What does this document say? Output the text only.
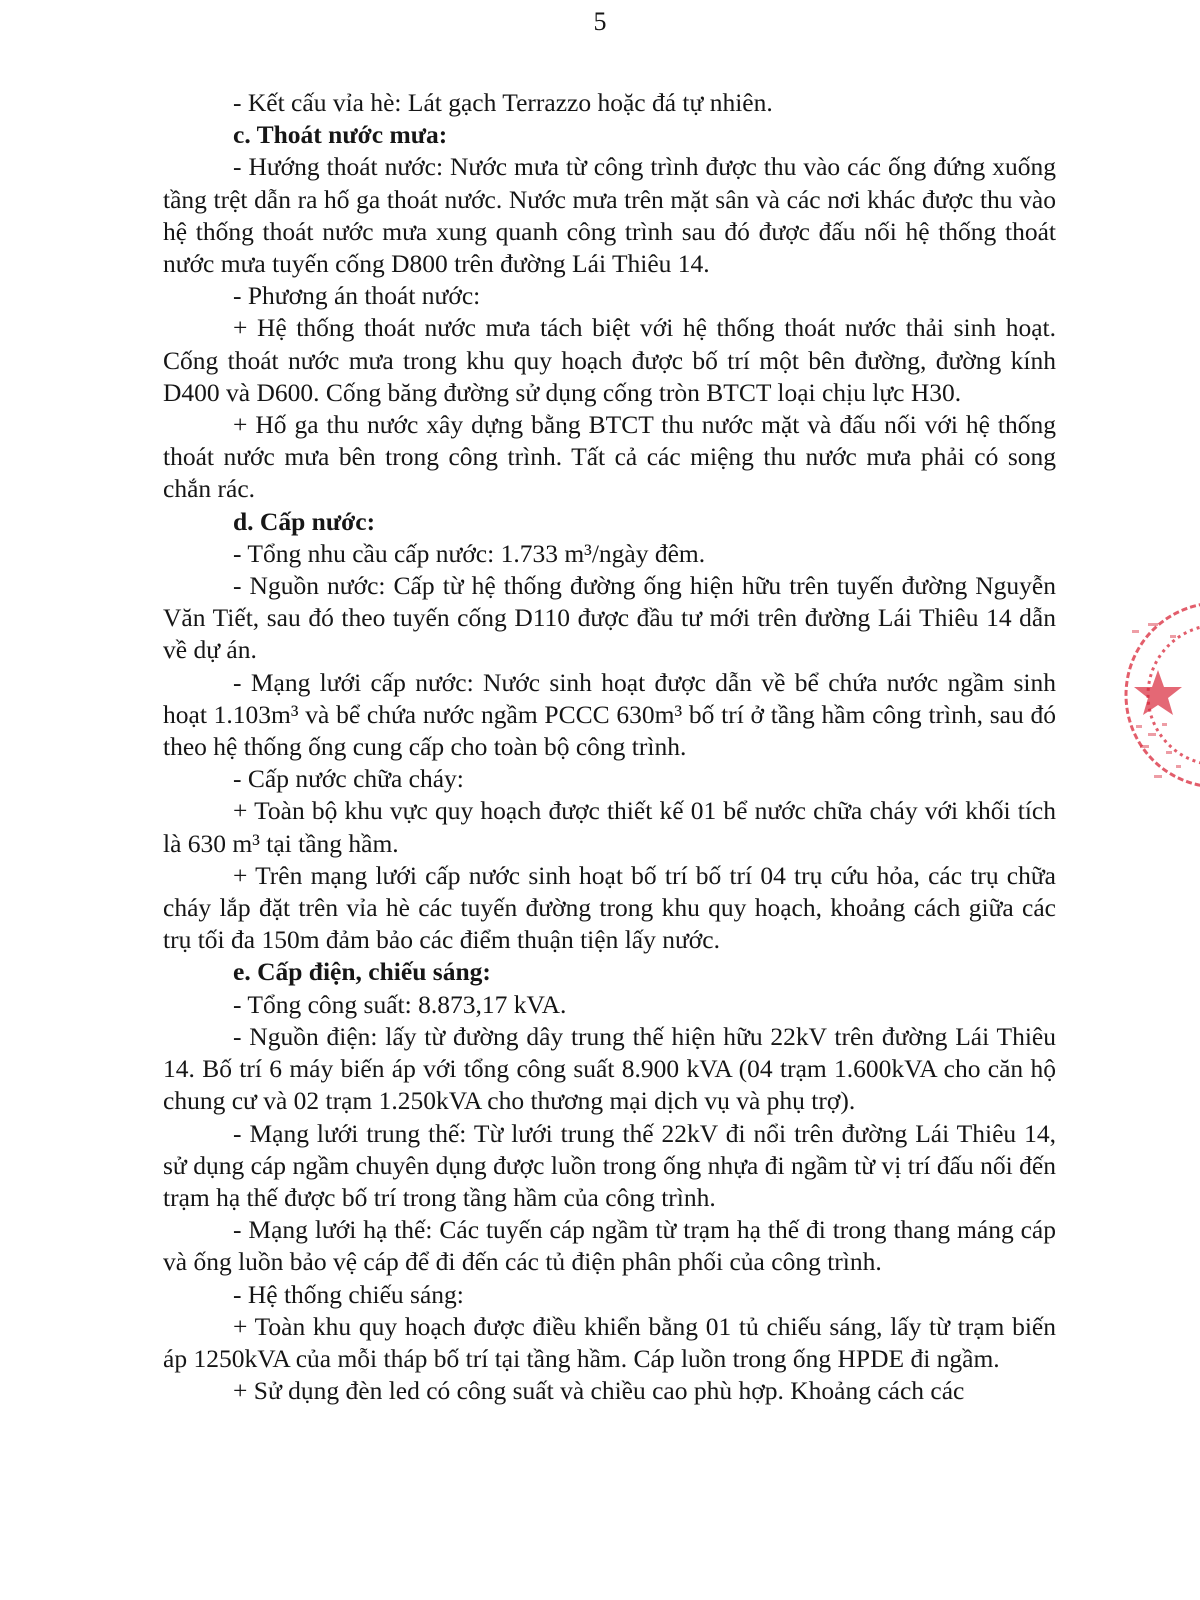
5

- Kết cấu vỉa hè: Lát gạch Terrazzo hoặc đá tự nhiên.

c. Thoát nước mưa:

- Hướng thoát nước: Nước mưa từ công trình được thu vào các ống đứng xuống tầng trệt dẫn ra hố ga thoát nước. Nước mưa trên mặt sân và các nơi khác được thu vào hệ thống thoát nước mưa xung quanh công trình sau đó được đấu nối hệ thống thoát nước mưa tuyến cống D800 trên đường Lái Thiêu 14.

- Phương án thoát nước:

+ Hệ thống thoát nước mưa tách biệt với hệ thống thoát nước thải sinh hoạt. Cống thoát nước mưa trong khu quy hoạch được bố trí một bên đường, đường kính D400 và D600. Cống băng đường sử dụng cống tròn BTCT loại chịu lực H30.

+ Hố ga thu nước xây dựng bằng BTCT thu nước mặt và đấu nối với hệ thống thoát nước mưa bên trong công trình. Tất cả các miệng thu nước mưa phải có song chắn rác.

d. Cấp nước:

- Tổng nhu cầu cấp nước: 1.733 m³/ngày đêm.

- Nguồn nước: Cấp từ hệ thống đường ống hiện hữu trên tuyến đường Nguyễn Văn Tiết, sau đó theo tuyến cống D110 được đầu tư mới trên đường Lái Thiêu 14 dẫn về dự án.

- Mạng lưới cấp nước: Nước sinh hoạt được dẫn về bể chứa nước ngầm sinh hoạt 1.103m³ và bể chứa nước ngầm PCCC 630m³ bố trí ở tầng hầm công trình, sau đó theo hệ thống ống cung cấp cho toàn bộ công trình.

- Cấp nước chữa cháy:

+ Toàn bộ khu vực quy hoạch được thiết kế 01 bể nước chữa cháy với khối tích là 630 m³ tại tầng hầm.

+ Trên mạng lưới cấp nước sinh hoạt bố trí bố trí 04 trụ cứu hỏa, các trụ chữa cháy lắp đặt trên vỉa hè các tuyến đường trong khu quy hoạch, khoảng cách giữa các trụ tối đa 150m đảm bảo các điểm thuận tiện lấy nước.

e. Cấp điện, chiếu sáng:

- Tổng công suất: 8.873,17 kVA.

- Nguồn điện: lấy từ đường dây trung thế hiện hữu 22kV trên đường Lái Thiêu 14. Bố trí 6 máy biến áp với tổng công suất 8.900 kVA (04 trạm 1.600kVA cho căn hộ chung cư và 02 trạm 1.250kVA cho thương mại dịch vụ và phụ trợ).

- Mạng lưới trung thế: Từ lưới trung thế 22kV đi nổi trên đường Lái Thiêu 14, sử dụng cáp ngầm chuyên dụng được luồn trong ống nhựa đi ngầm từ vị trí đấu nối đến trạm hạ thế được bố trí trong tầng hầm của công trình.

- Mạng lưới hạ thế: Các tuyến cáp ngầm từ trạm hạ thế đi trong thang máng cáp và ống luồn bảo vệ cáp để đi đến các tủ điện phân phối của công trình.

- Hệ thống chiếu sáng:

+ Toàn khu quy hoạch được điều khiển bằng 01 tủ chiếu sáng, lấy từ trạm biến áp 1250kVA của mỗi tháp bố trí tại tầng hầm. Cáp luồn trong ống HPDE đi ngầm.

+ Sử dụng đèn led có công suất và chiều cao phù hợp. Khoảng cách các
